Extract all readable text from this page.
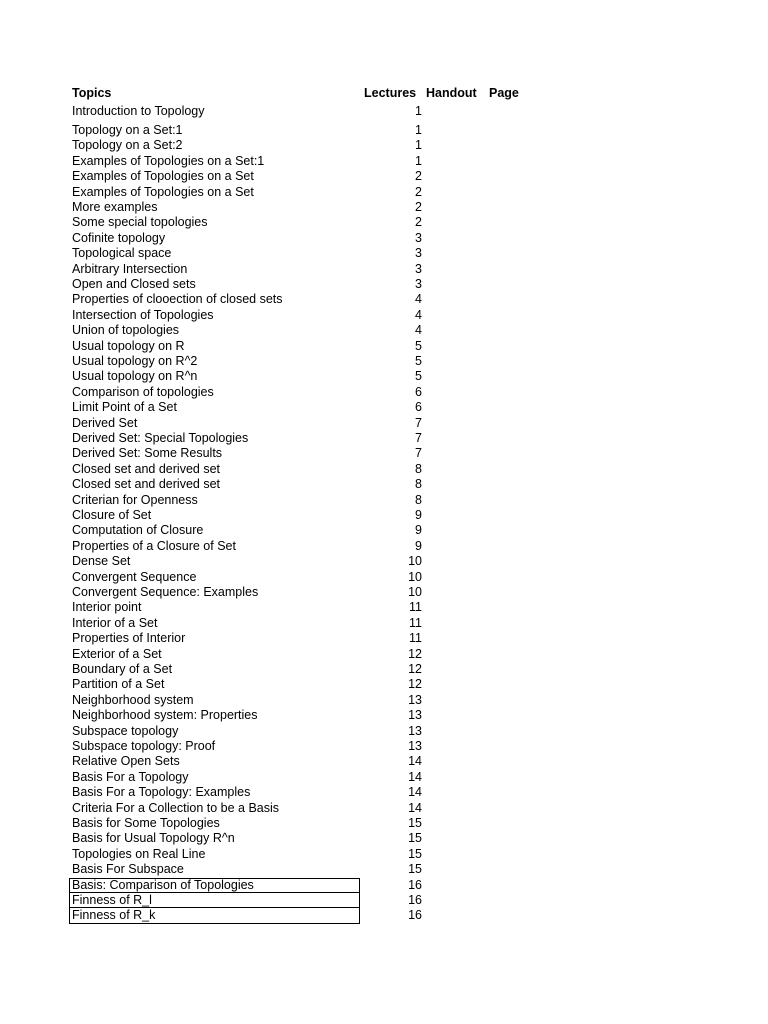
Topics	Lectures Handout Page
Introduction to Topology	1
Topology on a Set:1	1
Topology on a Set:2	1
Examples of Topologies on a Set:1	1
Examples of Topologies on a Set	2
Examples of Topologies on a Set	2
More examples	2
Some special topologies	2
Cofinite topology	3
Topological space	3
Arbitrary Intersection	3
Open and Closed sets	3
Properties of clooection of closed sets	4
Intersection of Topologies	4
Union of topologies	4
Usual topology on R	5
Usual topology on R^2	5
Usual topology on R^n	5
Comparison of topologies	6
Limit Point of a Set	6
Derived Set	7
Derived Set: Special Topologies	7
Derived Set: Some Results	7
Closed set and derived set	8
Closed set and derived set	8
Criterian for Openness	8
Closure of Set	9
Computation of Closure	9
Properties of a Closure of Set	9
Dense Set	10
Convergent Sequence	10
Convergent Sequence: Examples	10
Interior point	11
Interior of a Set	11
Properties of Interior	11
Exterior of a Set	12
Boundary of a Set	12
Partition of a Set	12
Neighborhood system	13
Neighborhood system: Properties	13
Subspace topology	13
Subspace topology: Proof	13
Relative Open Sets	14
Basis For a Topology	14
Basis For a Topology: Examples	14
Criteria For a Collection to be a Basis	14
Basis for Some Topologies	15
Basis for Usual Topology R^n	15
Topologies on Real Line	15
Basis For Subspace	15
Basis: Comparison of Topologies	16
Finness of R_l	16
Finness of R_k	16
